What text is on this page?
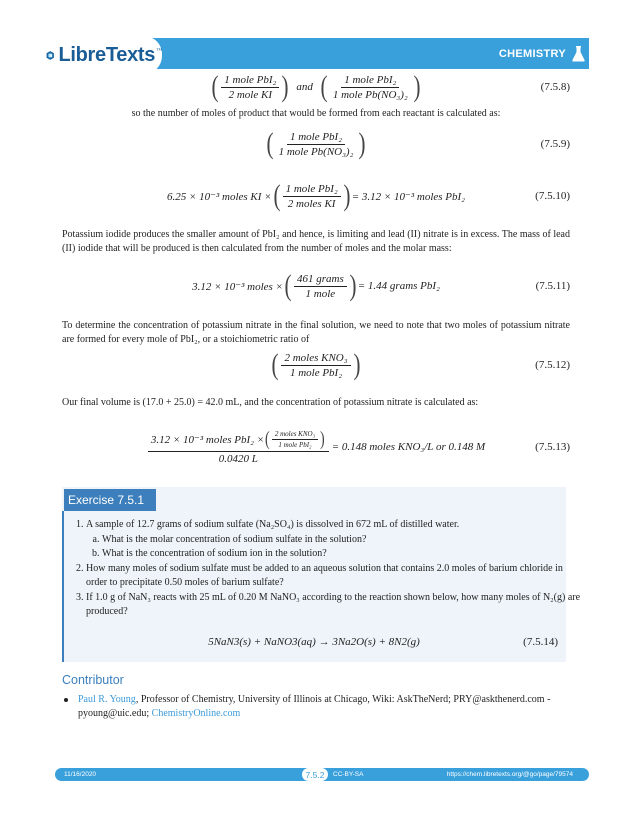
LibreTexts ™	CHEMISTRY
( $\frac{\text{1 mole PbI₂}}{\text{2 mole KI}}$ ) and ( $\frac{\text{1 mole PbI₂}}{\text{1 mole Pb(NO₃)₂}}$ )	(7.5.8)
so the number of moles of product that would be formed from each reactant is calculated as:
( $\frac{\text{1 mole PbI₂}}{\text{1 mole Pb(NO₃)₂}}$ )	(7.5.9)
6.25 × 10⁻³ moles KI × ( $\frac{\text{1 mole PbI₂}}{\text{2 moles KI}}$ ) = 3.12 × 10⁻³ moles PbI₂	(7.5.10)
Potassium iodide produces the smaller amount of PbI₂ and hence, is limiting and lead (II) nitrate is in excess. The mass of lead (II) iodide that will be produced is then calculated from the number of moles and the molar mass:
3.12 × 10⁻³ moles × ( $\frac{\text{461 grams}}{\text{1 mole}}$ ) = 1.44 grams PbI₂	(7.5.11)
To determine the concentration of potassium nitrate in the final solution, we need to note that two moles of potassium nitrate are formed for every mole of PbI₂, or a stoichiometric ratio of
( $\frac{\text{2 moles KNO₃}}{\text{1 mole PbI₂}}$ )	(7.5.12)
Our final volume is (17.0 + 25.0) = 42.0 mL, and the concentration of potassium nitrate is calculated as:
3.12 × 10⁻³ moles PbI₂ × ( $\frac{\text{2 moles KNO₃}}{\text{1 mole PbI₂}}$ )
0.0420 L
= 0.148 moles KNO₃/L or 0.148 M	(7.5.13)
Exercise 7.5.1
1. A sample of 12.7 grams of sodium sulfate (Na₂SO₄) is dissolved in 672 mL of distilled water.
a. What is the molar concentration of sodium sulfate in the solution?
b. What is the concentration of sodium ion in the solution?
2. How many moles of sodium sulfate must be added to an aqueous solution that contains 2.0 moles of barium chloride in order to precipitate 0.50 moles of barium sulfate?
3. If 1.0 g of NaN₃ reacts with 25 mL of 0.20 M NaNO₃ according to the reaction shown below, how many moles of N₂(g) are produced?
5NaN3(s) + NaNO3(aq) → 3Na2O(s) + 8N2(g)	(7.5.14)
Contributor
Paul R. Young, Professor of Chemistry, University of Illinois at Chicago, Wiki: AskTheNerd; PRY@askthenerd.com - pyoung@uic.edu; ChemistryOnline.com
11/16/2020	7.5.2	CC-BY-SA	https://chem.libretexts.org/@go/page/79574
